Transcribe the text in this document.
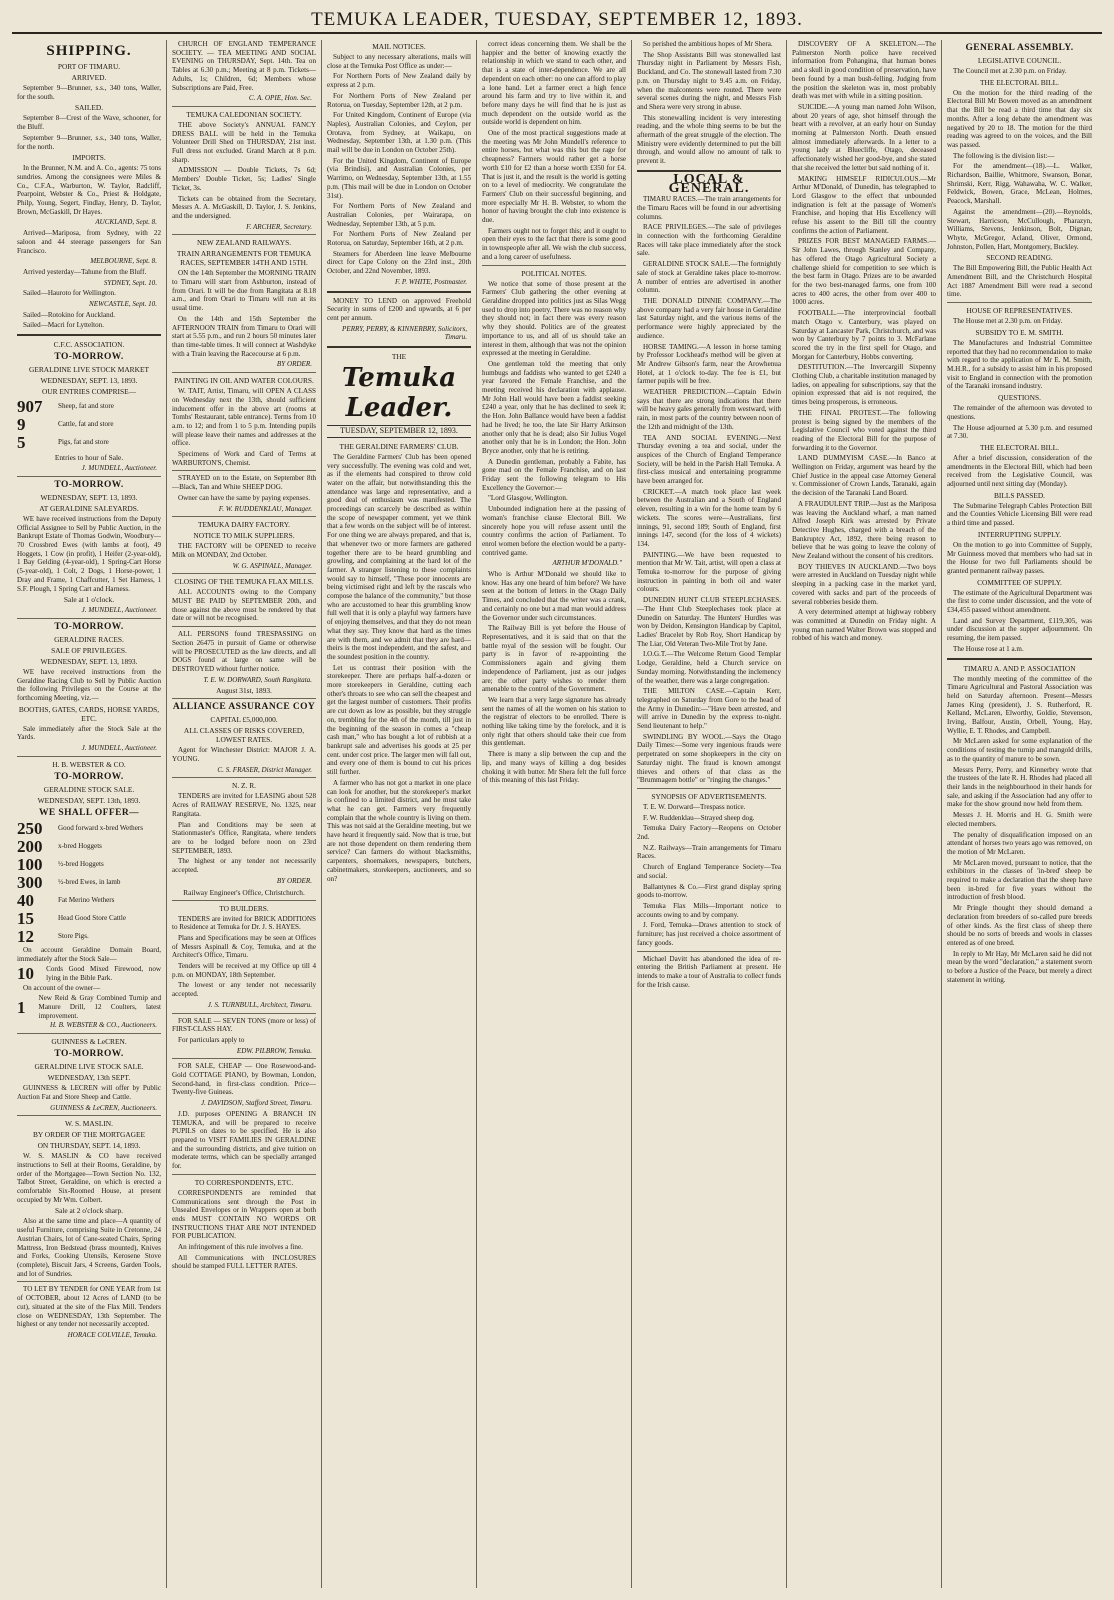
TEMUKA LEADER, TUESDAY, SEPTEMBER 12, 1893.
SHIPPING.
PORT OF TIMARU.
ARRIVED.

September 9—Brunner, s.s., 340 tons, Waller, for the south.

SAILED.

September 8—Crest of the Wave, schooner, for the Bluff.

September 9—Brunner, s.s., 340 tons, Waller, for the north.

IMPORTS.

In the Brunner, N.M. and A. Co., agents: 75 tons sundries. Among the consignees were Miles & Co., C.F.A., Warburton, W. Taylor, Radcliff, Pearpoint, Webster & Co., Priest & Holdgate, Philp, Young, Segert, Findlay, Henry, D. Taylor, Brown, McGaskill, Dr Hayes.

AUCKLAND, Sept. 8.

Arrived—Mariposa, from Sydney, with 22 saloon and 44 steerage passengers for San Francisco.

MELBOURNE, Sept. 8.

Arrived yesterday—Tahune from the Bluff.

SYDNEY, Sept. 10.

Sailed—Hauroto for Wellington.

NEWCASTLE, Sept. 10.

Sailed—Rotokino for Auckland.

Sailed—Macri for Lyttelton.

C.F.C. ASSOCIATION.
TO-MORROW.
GERALDINE LIVE STOCK MARKET
WEDNESDAY, SEPT. 13, 1893.
OUR ENTRIES COMPRISE—
907	Sheep, fat and store
9	Cattle, fat and store
5	Pigs, fat and store
Entries to hour of Sale.
J. MUNDELL, Auctioneer.
TO-MORROW.
WEDNESDAY, SEPT. 13, 1893.
AT GERALDINE SALEYARDS.

WE have received instructions from the Deputy Official Assignee to Sell by Public Auction, in the Bankrupt Estate of Thomas Godwin, Woodbury—70 Crossbred Ewes (with lambs at foot), 49 Hoggets, 1 Cow (in profit), 1 Heifer (2-year-old), 1 Bay Gelding (4-year-old), 1 Spring-Cart Horse (5-year-old), 1 Colt, 2 Dogs, 1 Horse-power, 1 Dray and Frame, 1 Chaffcutter, 1 Set Harness, 1 S.F. Plough, 1 Spring Cart and Harness.

Sale at 1 o'clock.
J. MUNDELL, Auctioneer.
TO-MORROW.
GERALDINE RACES.
SALE OF PRIVILEGES.
WEDNESDAY, SEPT. 13, 1893.

WE have received instructions from the Geraldine Racing Club to Sell by Public Auction the following Privileges on the Course at the forthcoming Meeting, viz.—

BOOTHS, GATES, CARDS, HORSE YARDS, ETC.

Sale immediately after the Stock Sale at the Yards.

J. MUNDELL, Auctioneer.
H. B. WEBSTER & CO.
TO-MORROW.
GERALDINE STOCK SALE.
WEDNESDAY, SEPT. 13th, 1893.
WE SHALL OFFER—
250	Good forward x-bred Wethers
200	x-bred Hoggets
100	½-bred Hoggets
300	½-bred Ewes, in lamb
40	Fat Merino Wethers
15	Head Good Store Cattle
12	Store Pigs.

On account Geraldine Domain Board, immediately after the Stock Sale—

10	Cords Good Mixed Firewood, now lying in the Bible Park.

On account of the owner—

1	New Reid & Gray Combined Turnip and Manure Drill, 12 Coulters, latest improvement.
H. B. WEBSTER & CO., Auctioneers.
GUINNESS & LeCREN.
TO-MORROW.
GERALDINE LIVE STOCK SALE.
WEDNESDAY, 13th SEPT.

GUINNESS & LECREN will offer by Public Auction Fat and Store Sheep and Cattle.

GUINNESS & LeCREN, Auctioneers.
W. S. MASLIN.
BY ORDER OF THE MORTGAGEE
ON THURSDAY, SEPT. 14, 1893.

W. S. MASLIN & CO have received instructions to Sell at their Rooms, Geraldine, by order of the Mortgagee—Town Section No. 132, Talbot Street, Geraldine, on which is erected a comfortable Six-Roomed House, at present occupied by Mr Wm. Colbert.

Sale at 2 o'clock sharp.

Also at the same time and place—A quantity of useful Furniture, comprising Suite in Cretonne, 24 Austrian Chairs, lot of Cane-seated Chairs, Spring Mattress, Iron Bedstead (brass mounted), Knives and Forks, Cooking Utensils, Kerosene Stove (complete), Biscuit Jars, 4 Screens, Garden Tools, and lot of Sundries.

TO LET BY TENDER for ONE YEAR from 1st of OCTOBER, about 12 Acres of LAND (to be cut), situated at the site of the Flax Mill. Tenders close on WEDNESDAY, 13th September. The highest or any tender not necessarily accepted.

HORACE COLVILLE, Temuka.

CHURCH OF ENGLAND TEMPERANCE SOCIETY. — TEA MEETING AND SOCIAL EVENING on THURSDAY, Sept. 14th. Tea on Tables at 6.30 p.m.; Meeting at 8 p.m. Tickets—Adults, 1s; Children, 6d; Members whose Subscriptions are Paid, Free.

C. A. OPIE, Hon. Sec.
TEMUKA CALEDONIAN SOCIETY.

THE above Society's ANNUAL FANCY DRESS BALL will be held in the Temuka Volunteer Drill Shed on THURSDAY, 21st inst. Full dress not excluded. Grand March at 8 p.m. sharp.

ADMISSION — Double Tickets, 7s 6d; Members' Double Ticket, 5s; Ladies' Single Ticket, 3s.

Tickets can be obtained from the Secretary, Messrs A. A. McGaskill, D. Taylor, J. S. Jenkins, and the undersigned.

F. ARCHER, Secretary.
NEW ZEALAND RAILWAYS.
TRAIN ARRANGEMENTS FOR TEMUKA RACES, SEPTEMBER 14TH AND 15TH.

ON the 14th September the MORNING TRAIN to Timaru will start from Ashburton, instead of from Orari. It will be due from Rangitata at 8.18 a.m., and from Orari to Timaru will run at its usual time.

On the 14th and 15th September the AFTERNOON TRAIN from Timaru to Orari will start at 5.55 p.m., and run 2 hours 50 minutes later than time-table times. It will connect at Washdyke with a Train leaving the Racecourse at 6 p.m.

BY ORDER.
PAINTING IN OIL AND WATER COLOURS.

W. TAIT, Artist, Timaru, will OPEN A CLASS on Wednesday next the 13th, should sufficient inducement offer in the above art (rooms at Tombs' Restaurant, table entrance). Terms from 10 a.m. to 12; and from 1 to 5 p.m. Intending pupils will please leave their names and addresses at the office.

Specimens of Work and Card of Terms at WARBURTON'S, Chemist.

STRAYED on to the Estate, on September 8th—Black, Tan and White SHEEP DOG.

Owner can have the same by paying expenses.

F. W. RUDDENKLAU, Manager.
TEMUKA DAIRY FACTORY.
NOTICE TO MILK SUPPLIERS.

THE FACTORY will be OPENED to receive Milk on MONDAY, 2nd October.

W. G. ASPINALL, Manager.
CLOSING OF THE TEMUKA FLAX MILLS.

ALL ACCOUNTS owing to the Company MUST BE PAID by SEPTEMBER 20th, and those against the above must be rendered by that date or will not be recognised.

ALL PERSONS found TRESPASSING on Section 26475 in pursuit of Game or otherwise will be PROSECUTED as the law directs, and all DOGS found at large on same will be DESTROYED without further notice.

T. E. W. DORWARD, South Rangitata.
August 31st, 1893.
ALLIANCE ASSURANCE COY
CAPITAL £5,000,000.
ALL CLASSES OF RISKS COVERED, LOWEST RATES.

Agent for Winchester District: MAJOR J. A. YOUNG.

C. S. FRASER, District Manager.
N. Z. R.

TENDERS are invited for LEASING about 528 Acres of RAILWAY RESERVE, No. 1325, near Rangitata.

Plan and Conditions may be seen at Stationmaster's Office, Rangitata, where tenders are to be lodged before noon on 23rd SEPTEMBER, 1893.

The highest or any tender not necessarily accepted.

BY ORDER.
Railway Engineer's Office, Christchurch.
TO BUILDERS.

TENDERS are invited for BRICK ADDITIONS to Residence at Temuka for Dr. J. S. HAYES.

Plans and Specifications may be seen at Offices of Messrs Aspinall & Coy, Temuka, and at the Architect's Office, Timaru.

Tenders will be received at my Office up till 4 p.m. on MONDAY, 18th September.

The lowest or any tender not necessarily accepted.

J. S. TURNBULL, Architect, Timaru.

FOR SALE — SEVEN TONS (more or less) of FIRST-CLASS HAY.

For particulars apply to

EDW. PILBROW, Temuka.

FOR SALE, CHEAP — One Rosewood-and-Gold COTTAGE PIANO, by Bowman, London, Second-hand, in first-class condition. Price—Twenty-five Guineas.

J. DAVIDSON, Stafford Street, Timaru.

J.D. purposes OPENING A BRANCH IN TEMUKA, and will be prepared to receive PUPILS on dates to be specified. He is also prepared to VISIT FAMILIES IN GERALDINE and the surrounding districts, and give tuition on moderate terms, which can be specially arranged for.

TO CORRESPONDENTS, ETC.

CORRESPONDENTS are reminded that Communications sent through the Post in Unsealed Envelopes or in Wrappers open at both ends MUST CONTAIN NO WORDS OR INSTRUCTIONS THAT ARE NOT INTENDED FOR PUBLICATION.

An infringement of this rule involves a fine.

All Communications with INCLOSURES should be stamped FULL LETTER RATES.

MAIL NOTICES.

Subject to any necessary alterations, mails will close at the Temuka Post Office as under:—

For Northern Ports of New Zealand daily by express at 2 p.m.

For Northern Ports of New Zealand per Rotorua, on Tuesday, September 12th, at 2 p.m.

For United Kingdom, Continent of Europe (via Naples), Australian Colonies, and Ceylon, per Orotava, from Sydney, at Waikapu, on Wednesday, September 13th, at 1.30 p.m. (This mail will be due in London on October 25th).

For the United Kingdom, Continent of Europe (via Brindisi), and Australian Colonies, per Warrimo, on Wednesday, September 13th, at 1.55 p.m. (This mail will be due in London on October 31st).

For Northern Ports of New Zealand and Australian Colonies, per Wairarapa, on Wednesday, September 13th, at 5 p.m.

For Northern Ports of New Zealand per Rotorua, on Saturday, September 16th, at 2 p.m.

Steamers for Aberdeen line leave Melbourne direct for Cape Colony on the 23rd inst., 20th October, and 22nd November, 1893.

F. P. WHITE, Postmaster.

MONEY TO LEND on approved Freehold Security in sums of £200 and upwards, at 6 per cent per annum.

PERRY, PERRY, & KINNERBRY, Solicitors, Timaru.
THE
Temuka Leader.
TUESDAY, SEPTEMBER 12, 1893.
THE GERALDINE FARMERS' CLUB.

The Geraldine Farmers' Club has been opened very successfully. The evening was cold and wet, as if the elements had conspired to throw cold water on the affair, but notwithstanding this the attendance was large and representative, and a good deal of enthusiasm was manifested. The proceedings can scarcely be described as within the scope of newspaper comment, yet we think that a few words on the subject will be of interest. For one thing we are always prepared, and that is, that whenever two or more farmers are gathered together there are to be heard grumbling and growling, and complaining at the hard lot of the farmer. A stranger listening to these complaints would say to himself, "These poor innocents are being victimised right and left by the rascals who compose the balance of the community," but those who are accustomed to hear this grumbling know full well that it is only a playful way farmers have of enjoying themselves, and that they do not mean what they say. They know that hard as the times are with them, and we admit that they are hard—theirs is the most independent, and the safest, and the soundest position in the country.

Let us contrast their position with the storekeeper. There are perhaps half-a-dozen or more storekeepers in Geraldine, cutting each other's throats to see who can sell the cheapest and get the largest number of customers. Their profits are cut down as low as possible, but they struggle on, trembling for the 4th of the month, till just in the beginning of the season in comes a "cheap cash man," who has bought a lot of rubbish at a bankrupt sale and advertises his goods at 25 per cent. under cost price. The larger men will fall out, and every one of them is bound to cut his prices still further.

A farmer who has not got a market in one place can look for another, but the storekeeper's market is confined to a limited district, and he must take what he can get. Farmers very frequently complain that the whole country is living on them. This was not said at the Geraldine meeting, but we have heard it frequently said. Now that is true, but are not those dependent on them rendering them service? Can farmers do without blacksmiths, carpenters, shoemakers, newspapers, butchers, cabinetmakers, storekeepers, auctioneers, and so on?

correct ideas concerning them. We shall be the happier and the better of knowing exactly the relationship in which we stand to each other, and that is a state of inter-dependence. We are all dependent on each other: no one can afford to play a lone hand. Let a farmer erect a high fence around his farm and try to live within it, and before many days he will find that he is just as much dependent on the outside world as the outside world is dependent on him.

One of the most practical suggestions made at the meeting was Mr John Mundell's reference to entire horses, but what was this but the rage for cheapness? Farmers would rather get a horse worth £10 for £2 than a horse worth £350 for £4. That is just it, and the result is the world is getting on to a level of mediocrity. We congratulate the Farmers' Club on their successful beginning, and more especially Mr H. B. Webster, to whom the honor of having brought the club into existence is due.

Farmers ought not to forget this; and it ought to open their eyes to the fact that there is some good in townspeople after all. We wish the club success, and a long career of usefulness.

POLITICAL NOTES.

We notice that some of those present at the Farmers' Club gathering the other evening at Geraldine dropped into politics just as Silas Wegg used to drop into poetry. There was no reason why they should not; in fact there was every reason why they should. Politics are of the greatest importance to us, and all of us should take an interest in them, although that was not the opinion expressed at the meeting in Geraldine.

One gentleman told the meeting that only humbugs and faddists who wanted to get £240 a year favored the Female Franchise, and the meeting received his declaration with applause. Mr John Hall would have been a faddist seeking £240 a year, only that he has declined to seek it; the Hon. John Ballance would have been a faddist had he lived; he too, the late Sir Harry Atkinson another only that he is dead; also Sir Julius Vogel another only that he is in London; the Hon. John Bryce another, only that he is retiring.

A Dunedin gentleman, probably a Fabite, has gone mad on the Female Franchise, and on last Friday sent the following telegram to His Excellency the Governor:—

"Lord Glasgow, Wellington.

Unbounded indignation here at the passing of woman's franchise clause Electoral Bill. We sincerely hope you will refuse assent until the country confirms the action of Parliament. To enrol women before the election would be a party-contrived game.

ARTHUR M'DONALD."

Who is Arthur M'Donald we should like to know. Has any one heard of him before? We have seen at the bottom of letters in the Otago Daily Times, and concluded that the writer was a crank, and certainly no one but a mad man would address the Governor under such circumstances.

The Railway Bill is yet before the House of Representatives, and it is said that on that the battle royal of the session will be fought. Our party is in favor of re-appointing the Commissioners again and giving them independence of Parliament, just as our judges are; the other party wishes to render them amenable to the control of the Government.

We learn that a very large signature has already sent the names of all the women on his station to the registrar of electors to be enrolled. There is nothing like taking time by the forelock, and it is only right that others should take their cue from this gentleman.

There is many a slip between the cup and the lip, and many ways of killing a dog besides choking it with butter. Mr Shera felt the full force of this meaning of this last Friday.

So perished the ambitious hopes of Mr Shera.

The Shop Assistants Bill was stonewalled last Thursday night in Parliament by Messrs Fish, Buckland, and Co. The stonewall lasted from 7.30 p.m. on Thursday night to 9.45 a.m. on Friday, when the malcontents were routed. There were several scenes during the night, and Messrs Fish and Shera were very strong in abuse.

This stonewalling incident is very interesting reading, and the whole thing seems to be but the aftermath of the great struggle of the election. The Ministry were evidently determined to put the bill through, and would allow no amount of talk to prevent it.

LOCAL & GENERAL.

TIMARU RACES.—The train arrangements for the Timaru Races will be found in our advertising columns.

RACE PRIVILEGES.—The sale of privileges in connection with the forthcoming Geraldine Races will take place immediately after the stock sale.

GERALDINE STOCK SALE.—The fortnightly sale of stock at Geraldine takes place to-morrow. A number of entries are advertised in another column.

THE DONALD DINNIE COMPANY.—The above company had a very fair house in Geraldine last Saturday night, and the various items of the performance were highly appreciated by the audience.

HORSE TAMING.—A lesson in horse taming by Professor Lockhead's method will be given at Mr Andrew Gibson's farm, near the Arowhenua Hotel, at 1 o'clock to-day. The fee is £1, but farmer pupils will be free.

WEATHER PREDICTION.—Captain Edwin says that there are strong indications that there will be heavy gales generally from westward, with rain, in most parts of the country between noon of the 12th and midnight of the 13th.

TEA AND SOCIAL EVENING.—Next Thursday evening a tea and social, under the auspices of the Church of England Temperance Society, will be held in the Parish Hall Temuka. A first-class musical and entertaining programme have been arranged for.

CRICKET.—A match took place last week between the Australian and a South of England eleven, resulting in a win for the home team by 6 wickets. The scores were—Australians, first innings, 91, second 189; South of England, first innings 147, second (for the loss of 4 wickets) 134.

PAINTING.—We have been requested to mention that Mr W. Tait, artist, will open a class at Temuka to-morrow for the purpose of giving instruction in painting in both oil and water colours.

DUNEDIN HUNT CLUB STEEPLECHASES.—The Hunt Club Steeplechases took place at Dunedin on Saturday. The Hunters' Hurdles was won by Deidon, Kensington Handicap by Capitol, Ladies' Bracelet by Rob Roy, Short Handicap by The Liar, Old Veteran Two-Mile Trot by Jane.

I.O.G.T.—The Welcome Return Good Templar Lodge, Geraldine, held a Church service on Sunday morning. Notwithstanding the inclemency of the weather, there was a large congregation.

THE MILTON CASE.—Captain Kerr, telegraphed on Saturday from Gore to the head of the Army in Dunedin:—"Have been arrested, and will arrive in Dunedin by the express to-night. Send lieutenant to help."

SWINDLING BY WOOL.—Says the Otago Daily Times:—Some very ingenious frauds were perpetrated on some shopkeepers in the city on Saturday night. The fraud is known amongst thieves and others of that class as the "Brummagem bottle" or "ringing the changes."

SYNOPSIS OF ADVERTISEMENTS.

T. E. W. Dorward—Trespass notice.

F. W. Ruddenklau—Strayed sheep dog.

Temuka Dairy Factory—Reopens on October 2nd.

N.Z. Railways—Train arrangements for Timaru Races.

Church of England Temperance Society—Tea and social.

Ballantynes & Co.—First grand display spring goods to-morrow.

Temuka Flax Mills—Important notice to accounts owing to and by company.

J. Ford, Temuka—Draws attention to stock of furniture; has just received a choice assortment of fancy goods.

Michael Davitt has abandoned the idea of re-entering the British Parliament at present. He intends to make a tour of Australia to collect funds for the Irish cause.

DISCOVERY OF A SKELETON.—The Palmerston North police have received information from Pohangina, that human bones and a skull in good condition of preservation, have been found by a man bush-felling. Judging from the position the skeleton was in, most probably death was met with while in a sitting position.

SUICIDE.—A young man named John Wilson, about 20 years of age, shot himself through the heart with a revolver, at an early hour on Sunday morning at Palmerston North. Death ensued almost immediately afterwards. In a letter to a young lady at Bluecliffe, Otago, deceased affectionately wished her good-bye, and she stated that she received the letter but said nothing of it.

MAKING HIMSELF RIDICULOUS.—Mr Arthur M'Donald, of Dunedin, has telegraphed to Lord Glasgow to the effect that unbounded indignation is felt at the passage of Women's Franchise, and hoping that His Excellency will refuse his assent to the Bill till the country confirms the action of Parliament.

PRIZES FOR BEST MANAGED FARMS.—Sir John Lawes, through Stanley and Company, has offered the Otago Agricultural Society a challenge shield for competition to see which is the best farm in Otago. Prizes are to be awarded for the two best-managed farms, one from 100 acres to 400 acres, the other from over 400 to 1000 acres.

FOOTBALL.—The interprovincial football match Otago v. Canterbury, was played on Saturday at Lancaster Park, Christchurch, and was won by Canterbury by 7 points to 3. McFarlane scored the try in the first spell for Otago, and Morgan for Canterbury, Hobbs converting.

DESTITUTION.—The Invercargill Sixpenny Clothing Club, a charitable institution managed by ladies, on appealing for subscriptions, say that the opinion expressed that aid is not required, the times being prosperous, is erroneous.

THE FINAL PROTEST.—The following protest is being signed by the members of the Legislative Council who voted against the third reading of the Electoral Bill for the purpose of forwarding it to the Governor.

LAND DUMMYISM CASE.—In Banco at Wellington on Friday, argument was heard by the Chief Justice in the appeal case Attorney General v. Commissioner of Crown Lands, Taranaki, again the decision of the Taranaki Land Board.

A FRAUDULENT TRIP.—Just as the Mariposa was leaving the Auckland wharf, a man named Alfred Joseph Kirk was arrested by Private Detective Hughes, charged with a breach of the Bankruptcy Act, 1892, there being reason to believe that he was going to leave the colony of New Zealand without the consent of his creditors.

BOY THIEVES IN AUCKLAND.—Two boys were arrested in Auckland on Tuesday night while sleeping in a packing case in the market yard, covered with sacks and part of the proceeds of several robberies beside them.

A very determined attempt at highway robbery was committed at Dunedin on Friday night. A young man named Walter Brown was stopped and robbed of his watch and money.

GENERAL ASSEMBLY.
LEGISLATIVE COUNCIL.

The Council met at 2.30 p.m. on Friday.

THE ELECTORAL BILL.

On the motion for the third reading of the Electoral Bill Mr Bowen moved as an amendment that the Bill be read a third time that day six months. After a long debate the amendment was negatived by 20 to 18. The motion for the third reading was agreed to on the voices, and the Bill was passed.

The following is the division list:—

For the amendment—(18).—L. Walker, Richardson, Baillie, Whitmore, Swanson, Bonar, Shrimski, Kerr, Rigg, Wahawaha, W. C. Walker, Feldwick, Bowen, Grace, McLean, Holmes, Peacock, Marshall.

Against the amendment—(20).—Reynolds, Stewart, Harricson, McCullough, Pharazyn, Williams, Stevens, Jenkinson, Bolt, Dignan, Whyte, McGregor, Acland, Oliver, Ormond, Johnston, Pollen, Hart, Montgomery, Buckley.

SECOND READING.

The Bill Empowering Bill, the Public Health Act Amendment Bill, and the Christchurch Hospital Act 1887 Amendment Bill were read a second time.

HOUSE OF REPRESENTATIVES.

The House met at 2.30 p.m. on Friday.

SUBSIDY TO E. M. SMITH.

The Manufactures and Industrial Committee reported that they had no recommendation to make with regard to the application of Mr E. M. Smith, M.H.R., for a subsidy to assist him in his proposed visit to England in connection with the promotion of the Taranaki ironsand industry.

QUESTIONS.

The remainder of the afternoon was devoted to questions.

The House adjourned at 5.30 p.m. and resumed at 7.30.

THE ELECTORAL BILL.

After a brief discussion, consideration of the amendments in the Electoral Bill, which had been received from the Legislative Council, was adjourned until next sitting day (Monday).

BILLS PASSED.

The Submarine Telegraph Cables Protection Bill and the Counties Vehicle Licensing Bill were read a third time and passed.

INTERRUPTING SUPPLY.

On the motion to go into Committee of Supply, Mr Guinness moved that members who had sat in the House for two full Parliaments should be granted permanent railway passes.

COMMITTEE OF SUPPLY.

The estimate of the Agricultural Department was the first to come under discussion, and the vote of £34,455 passed without amendment.

Land and Survey Department, £119,305, was under discussion at the supper adjournment. On resuming, the item passed.

The House rose at 1 a.m.

TIMARU A. AND P. ASSOCIATION

The monthly meeting of the committee of the Timaru Agricultural and Pastoral Association was held on Saturday afternoon. Present—Messrs James King (president), J. S. Rutherford, R. Kelland, McLaren, Elworthy, Goldie, Stevenson, Irving, Balfour, Austin, Orbell, Young, Hay, Wyllie, E. T. Rhodes, and Campbell.

Mr McLaren asked for some explanation of the conditions of testing the turnip and mangold drills, as to the quantity of manure to be sown.

Messrs Perry, Perry, and Kinnerbry wrote that the trustees of the late R. H. Rhodes had placed all their lands in the neighbourhood in their hands for sale, and asking if the Association had any offer to make for the show ground now held from them.

Messrs J. H. Morris and H. G. Smith were elected members.

The penalty of disqualification imposed on an attendant of horses two years ago was removed, on the motion of Mr McLaren.

Mr McLaren moved, pursuant to notice, that the exhibitors in the classes of 'in-bred' sheep be required to make a declaration that the sheep have been in-bred for five years without the introduction of fresh blood.

Mr Pringle thought they should demand a declaration from breeders of so-called pure breeds of other kinds. As the first class of sheep there should be no sorts of breeds and wools in classes entered as of one breed.

In reply to Mr Hay, Mr McLaren said he did not mean by the word "declaration," a statement sworn to before a Justice of the Peace, but merely a direct statement in writing.
